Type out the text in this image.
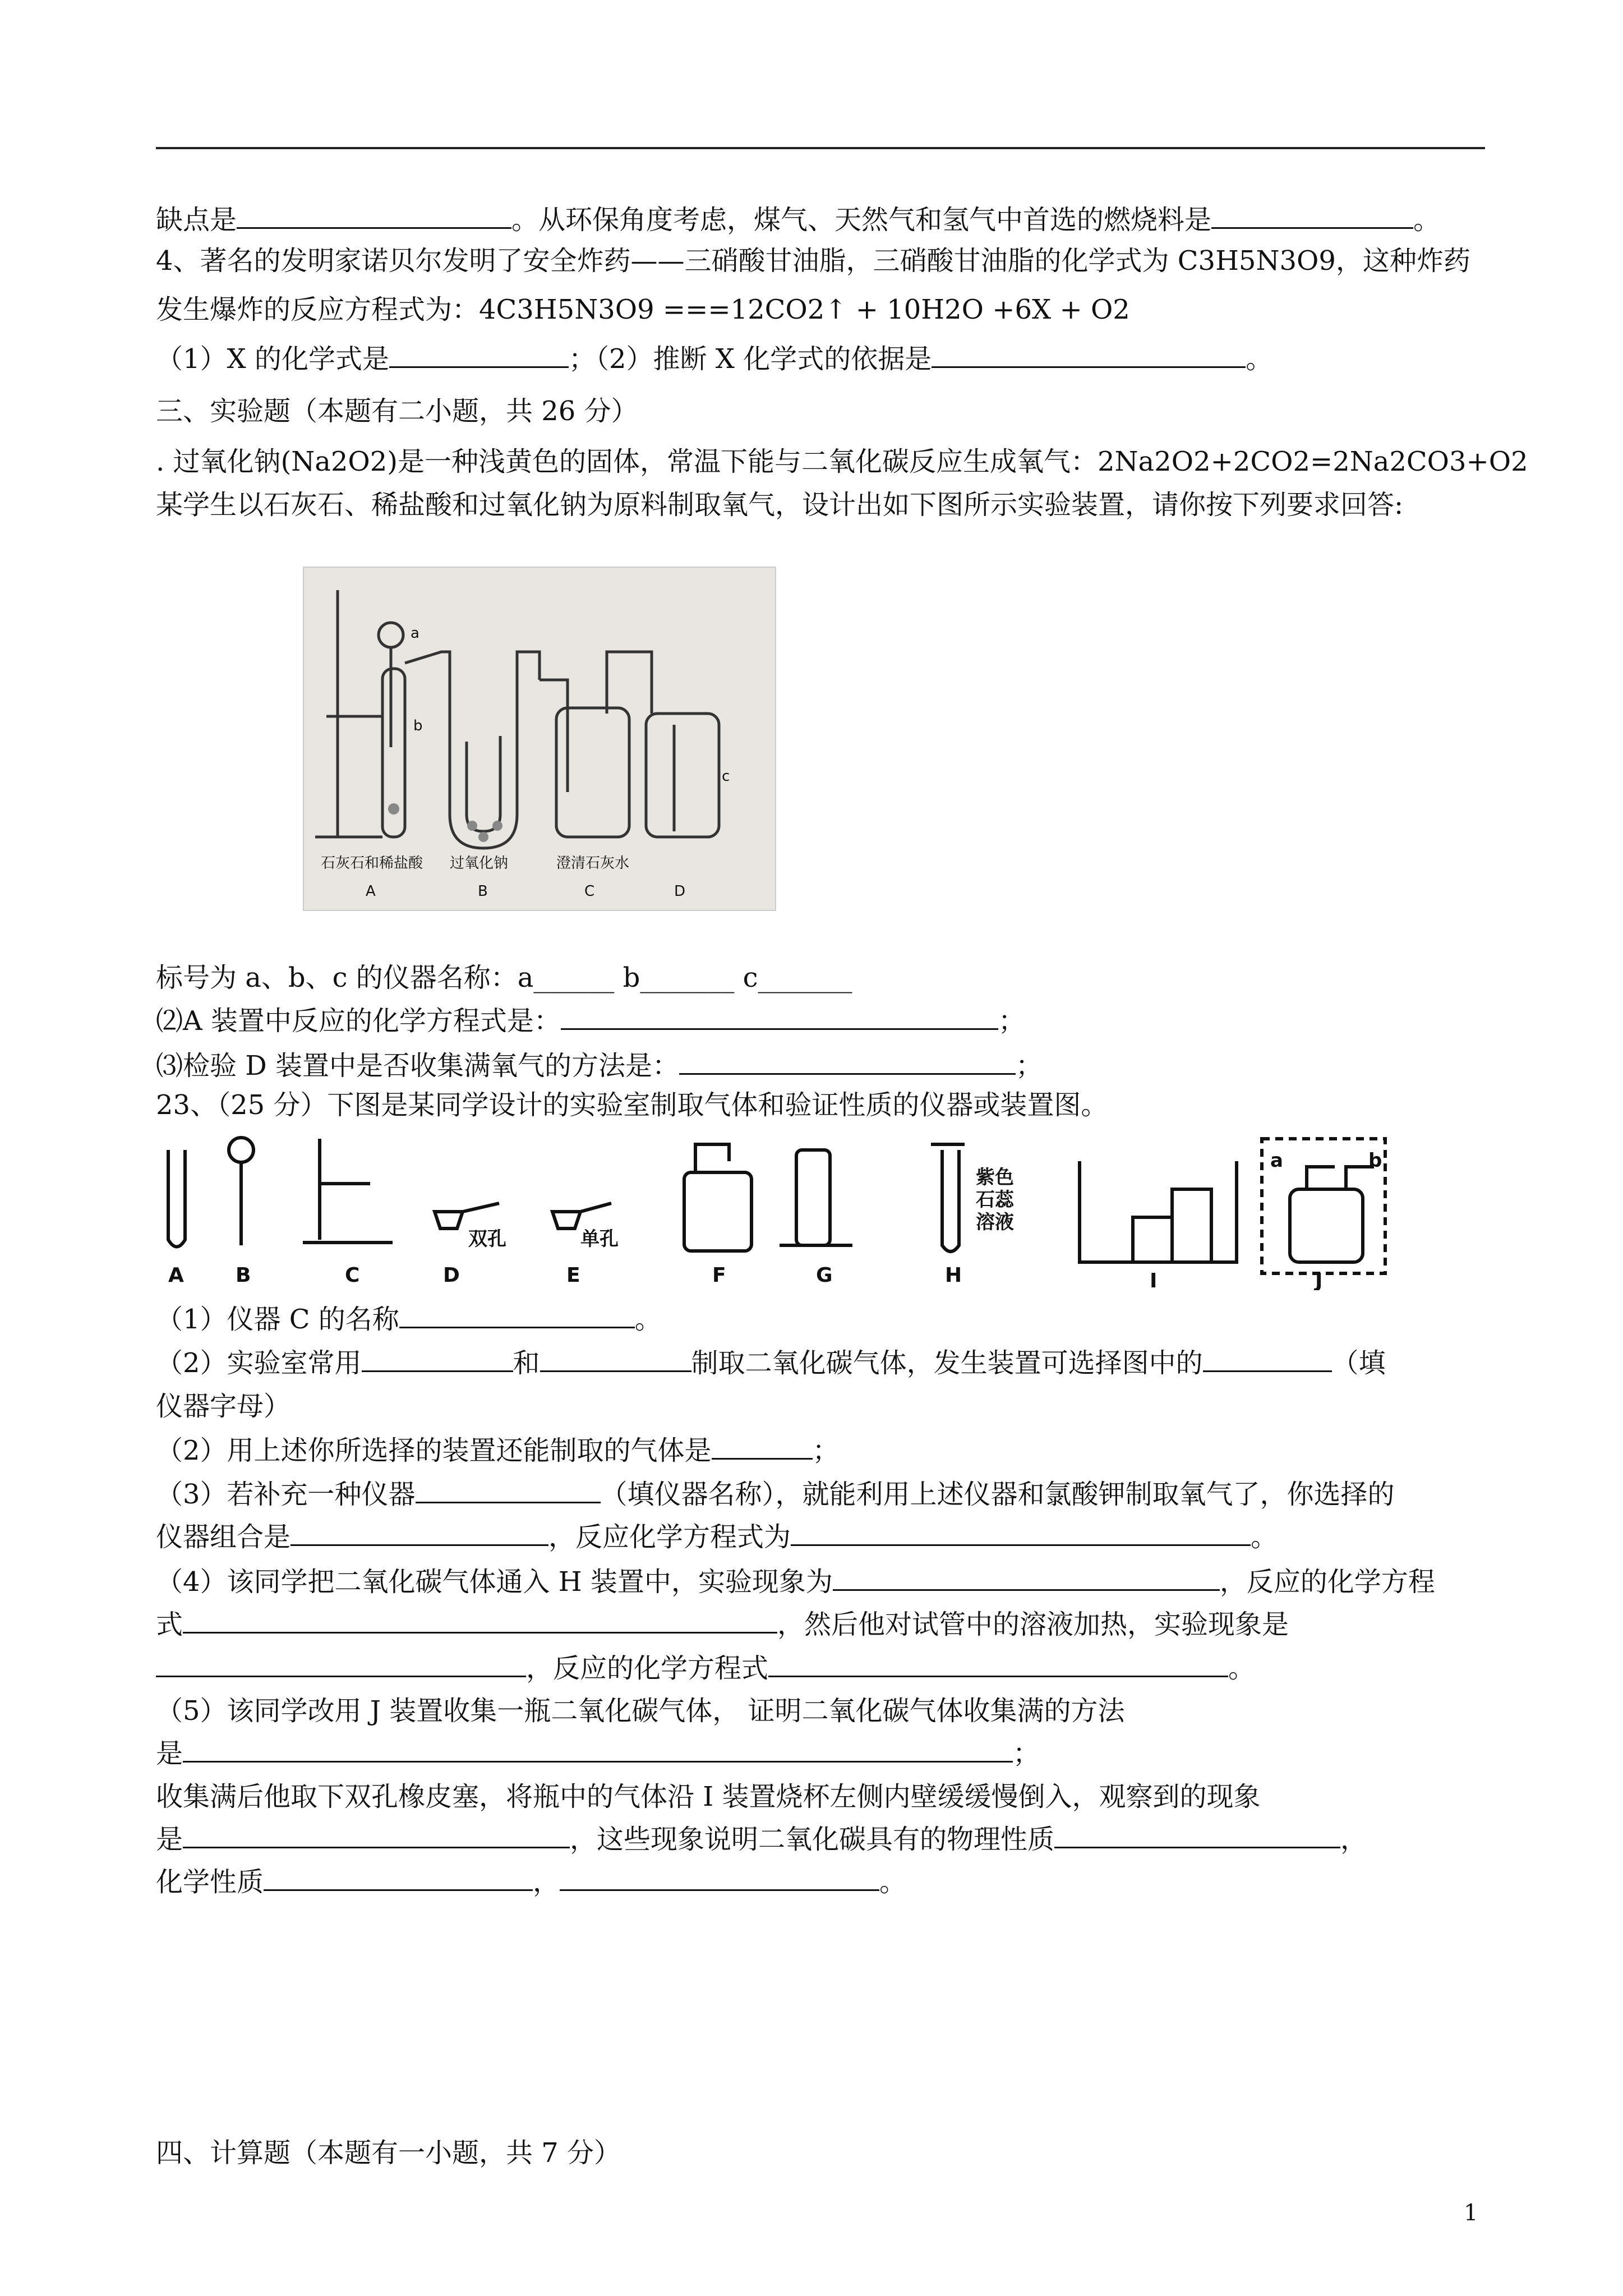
缺点是	。从环保角度考虑，煤气、天然气和氢气中首选的燃烧料是	。
4、著名的发明家诺贝尔发明了安全炸药——三硝酸甘油脂，三硝酸甘油脂的化学式为 C3H5N3O9，这种炸药
发生爆炸的反应方程式为：4C3H5N3O9 ===12CO2↑ + 10H2O +6X + O2
（1）X 的化学式是	；（2）推断 X 化学式的依据是	。
三、实验题（本题有二小题，共 26 分）
. 过氧化钠(Na2O2)是一种浅黄色的固体，常温下能与二氧化碳反应生成氧气：2Na2O2+2CO2=2Na2CO3+O2
某学生以石灰石、稀盐酸和过氧化钠为原料制取氧气，设计出如下图所示实验装置，请你按下列要求回答:
a
b
c
石灰石和稀盐酸 过氧化钠	澄清石灰水
A	B	C	D
标号为 a、b、c 的仪器名称：a______ b_______ c_______
⑵A 装置中反应的化学方程式是：	；
⑶检验 D 装置中是否收集满氧气的方法是：	；
23、（25 分）下图是某同学设计的实验室制取气体和验证性质的仪器或装置图。
双孔	单孔
紫色
石蕊
溶液
a	b
A	B	C	D	E	F	G	H	I	J
（1）仪器 C 的名称	。
（2）实验室常用	和	制取二氧化碳气体，发生装置可选择图中的	（填
仪器字母）
（2）用上述你所选择的装置还能制取的气体是	；
（3）若补充一种仪器	（填仪器名称），就能利用上述仪器和氯酸钾制取氧气了，你选择的
仪器组合是	，反应化学方程式为	。
（4）该同学把二氧化碳气体通入 H 装置中，实验现象为	，反应的化学方程
式	，然后他对试管中的溶液加热，实验现象是
，反应的化学方程式	。
（5）该同学改用 J 装置收集一瓶二氧化碳气体， 证明二氧化碳气体收集满的方法
是	；
收集满后他取下双孔橡皮塞，将瓶中的气体沿 I 装置烧杯左侧内壁缓缓慢倒入，观察到的现象
是	，这些现象说明二氧化碳具有的物理性质	，
化学性质	，	。
四、计算题（本题有一小题，共 7 分）
1
